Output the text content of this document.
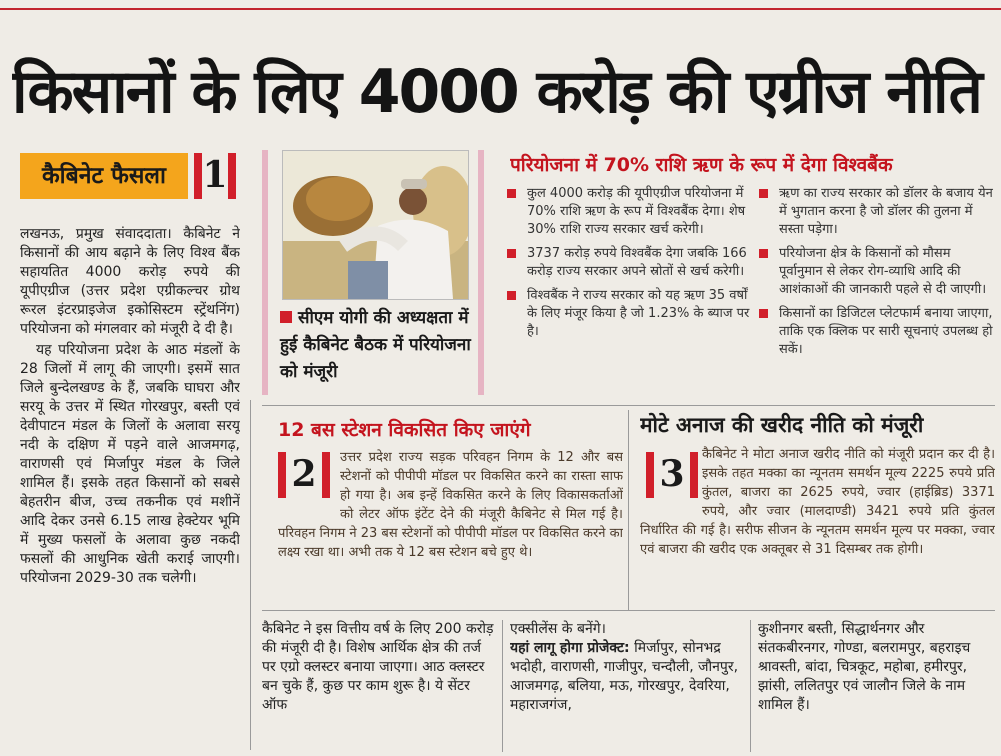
किसानों के लिए 4000 करोड़ की एग्रीज नीति
कैबिनेट फैसला	1

लखनऊ, प्रमुख संवाददाता। कैबिनेट ने किसानों की आय बढ़ाने के लिए विश्व बैंक सहायतित 4000 करोड़ रुपये की यूपीएग्रीज (उत्तर प्रदेश एग्रीकल्चर ग्रोथ रूरल इंटरप्राइजेज इकोसिस्टम स्ट्रेंथनिंग) परियोजना को मंगलवार को मंजूरी दे दी है।

यह परियोजना प्रदेश के आठ मंडलों के 28 जिलों में लागू की जाएगी। इसमें सात जिले बुन्देलखण्ड के हैं, जबकि घाघरा और सरयू के उत्तर में स्थित गोरखपुर, बस्ती एवं देवीपाटन मंडल के जिलों के अलावा सरयू नदी के दक्षिण में पड़ने वाले आजमगढ़, वाराणसी एवं मिर्जापुर मंडल के जिले शामिल हैं। इसके तहत किसानों को सबसे बेहतरीन बीज, उच्च तकनीक एवं मशीनें आदि देकर उनसे 6.15 लाख हेक्टेयर भूमि में मुख्य फसलों के अलावा कुछ नकदी फसलों की आधुनिक खेती कराई जाएगी। परियोजना 2029-30 तक चलेगी।

सीएम योगी की अध्यक्षता में हुई कैबिनेट बैठक में परियोजना को मंजूरी
परियोजना में 70% राशि ऋण के रूप में देगा विश्वबैंक
कुल 4000 करोड़ की यूपीएग्रीज परियोजना में 70% राशि ऋण के रूप में विश्वबैंक देगा। शेष 30% राशि राज्य सरकार खर्च करेगी।
3737 करोड़ रुपये विश्वबैंक देगा जबकि 166 करोड़ राज्य सरकार अपने स्रोतों से खर्च करेगी।
विश्वबैंक ने राज्य सरकार को यह ऋण 35 वर्षों के लिए मंजूर किया है जो 1.23% के ब्याज पर है।
ऋण का राज्य सरकार को डॉलर के बजाय येन में भुगतान करना है जो डॉलर की तुलना में सस्ता पड़ेगा।
परियोजना क्षेत्र के किसानों को मौसम पूर्वानुमान से लेकर रोग-व्याधि आदि की आशंकाओं की जानकारी पहले से दी जाएगी।
किसानों का डिजिटल प्लेटफार्म बनाया जाएगा, ताकि एक क्लिक पर सारी सूचनाएं उपलब्ध हो सकें।
12 बस स्टेशन विकसित किए जाएंगे
2	उत्तर प्रदेश राज्य सड़क परिवहन निगम के 12 और बस स्टेशनों को पीपीपी मॉडल पर विकसित करने का रास्ता साफ हो गया है। अब इन्हें विकसित करने के लिए विकासकर्ताओं को लेटर ऑफ इंटेंट देने की मंजूरी कैबिनेट से मिल गई है। परिवहन निगम ने 23 बस स्टेशनों को पीपीपी मॉडल पर विकसित करने का लक्ष्य रखा था। अभी तक ये 12 बस स्टेशन बचे हुए थे।
मोटे अनाज की खरीद नीति को मंजूरी
3	कैबिनेट ने मोटा अनाज खरीद नीति को मंजूरी प्रदान कर दी है। इसके तहत मक्का का न्यूनतम समर्थन मूल्य 2225 रुपये प्रति कुंतल, बाजरा का 2625 रुपये, ज्वार (हाईब्रिड) 3371 रुपये, और ज्वार (मालदाण्डी) 3421 रुपये प्रति कुंतल निर्धारित की गई है। सरीफ सीजन के न्यूनतम समर्थन मूल्य पर मक्का, ज्वार एवं बाजरा की खरीद एक अक्तूबर से 31 दिसम्बर तक होगी।
कैबिनेट ने इस वित्तीय वर्ष के लिए 200 करोड़ की मंजूरी दी है। विशेष आर्थिक क्षेत्र की तर्ज पर एग्रो क्लस्टर बनाया जाएगा। आठ क्लस्टर बन चुके हैं, कुछ पर काम शुरू है। ये सेंटर ऑफ
एक्सीलेंस के बनेंगे।
यहां लागू होगा प्रोजेक्ट: मिर्जापुर, सोनभद्र भदोही, वाराणसी, गाजीपुर, चन्दौली, जौनपुर, आजमगढ़, बलिया, मऊ, गोरखपुर, देवरिया, महाराजगंज,
कुशीनगर बस्ती, सिद्धार्थनगर और संतकबीरनगर, गोण्डा, बलरामपुर, बहराइच श्रावस्ती, बांदा, चित्रकूट, महोबा, हमीरपुर, झांसी, ललितपुर एवं जालौन जिले के नाम शामिल हैं।
